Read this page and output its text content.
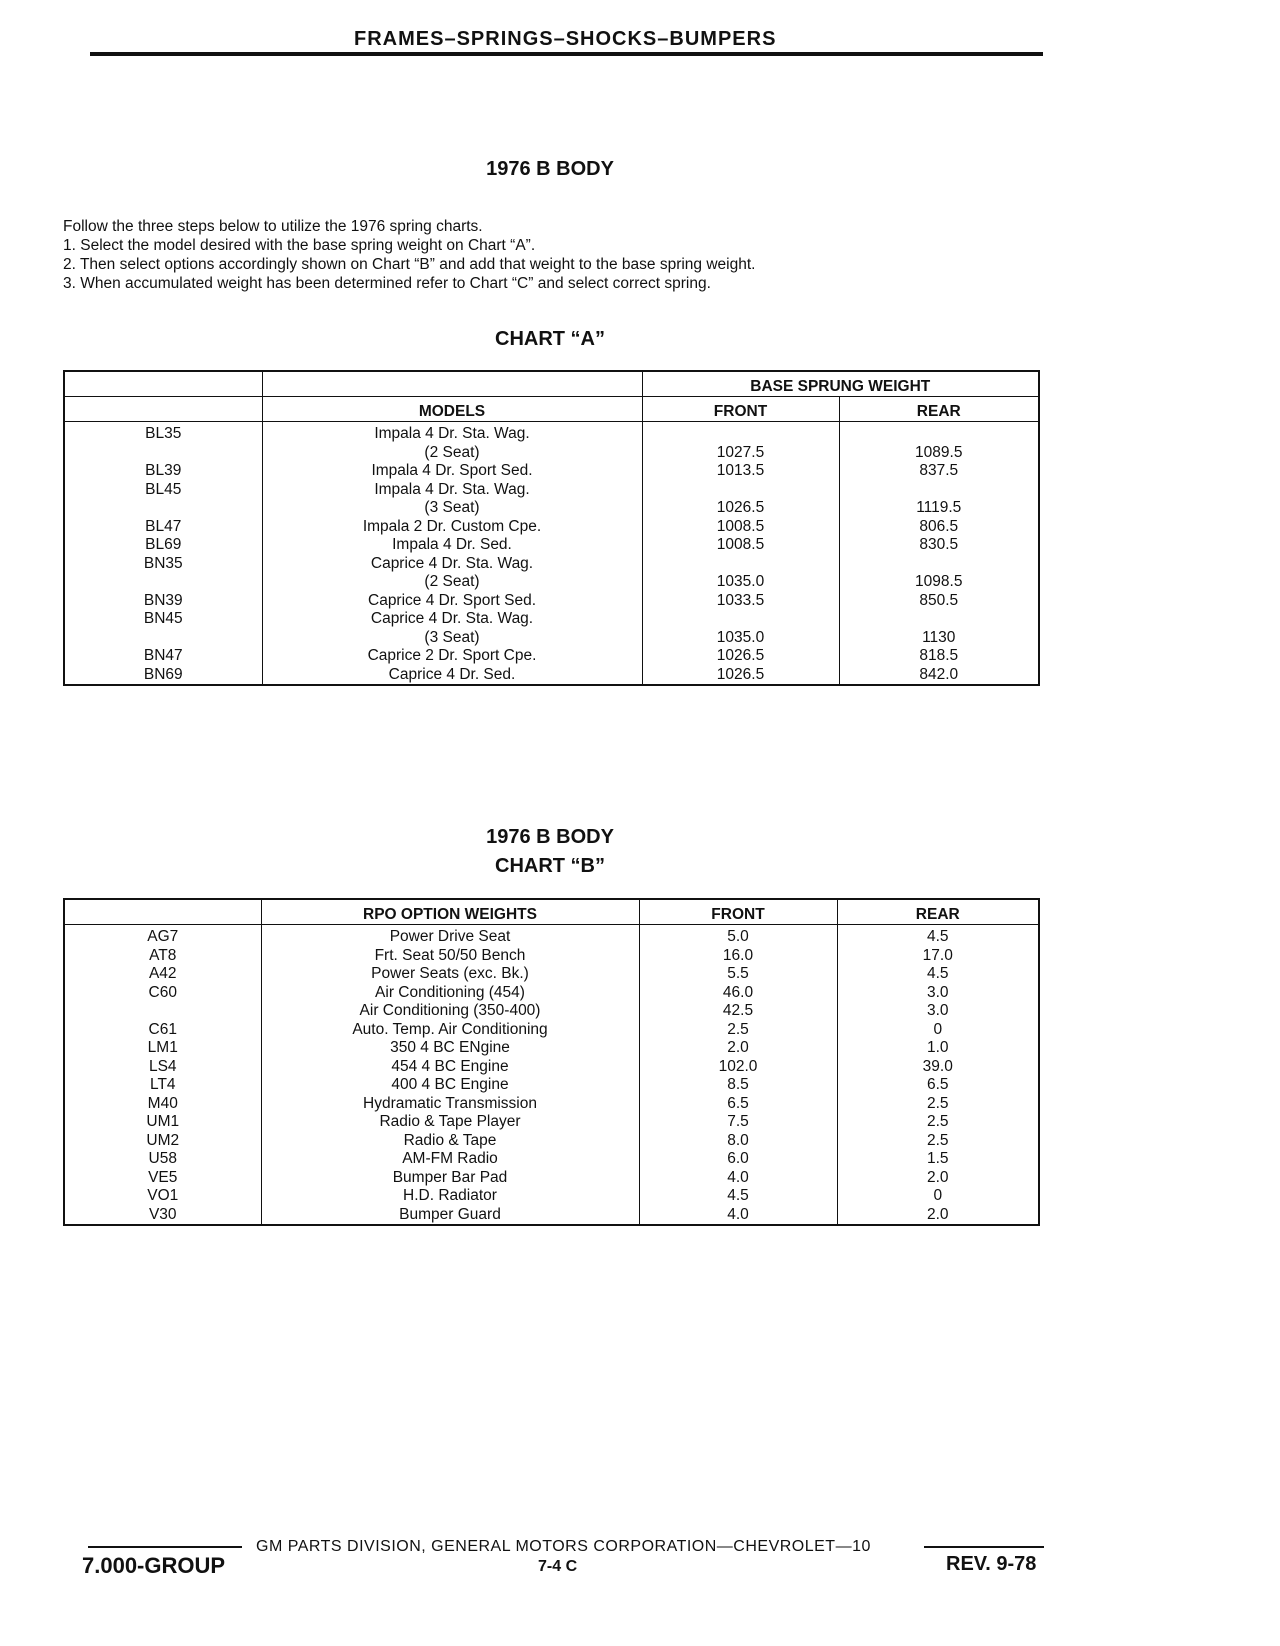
FRAMES–SPRINGS–SHOCKS–BUMPERS
1976 B BODY

Follow the three steps below to utilize the 1976 spring charts.

1. Select the model desired with the base spring weight on Chart “A”.

2. Then select options accordingly shown on Chart “B” and add that weight to the base spring weight.

3. When accumulated weight has been determined refer to Chart “C” and select correct spring.

CHART “A”
		BASE SPRUNG WEIGHT	
	MODELS	FRONT	REAR
BL35	Impala 4 Dr. Sta. Wag.		
	(2 Seat)	1027.5	1089.5
BL39	Impala 4 Dr. Sport Sed.	1013.5	837.5
BL45	Impala 4 Dr. Sta. Wag.		
	(3 Seat)	1026.5	1119.5
BL47	Impala 2 Dr. Custom Cpe.	1008.5	806.5
BL69	Impala 4 Dr. Sed.	1008.5	830.5
BN35	Caprice 4 Dr. Sta. Wag.		
	(2 Seat)	1035.0	1098.5
BN39	Caprice 4 Dr. Sport Sed.	1033.5	850.5
BN45	Caprice 4 Dr. Sta. Wag.		
	(3 Seat)	1035.0	1130
BN47	Caprice 2 Dr. Sport Cpe.	1026.5	818.5
BN69	Caprice 4 Dr. Sed.	1026.5	842.0
1976 B BODY
CHART “B”
	RPO OPTION WEIGHTS	FRONT	REAR
AG7	Power Drive Seat	5.0	4.5
AT8	Frt. Seat 50/50 Bench	16.0	17.0
A42	Power Seats (exc. Bk.)	5.5	4.5
C60	Air Conditioning (454)	46.0	3.0
	Air Conditioning (350-400)	42.5	3.0
C61	Auto. Temp. Air Conditioning	2.5	0
LM1	350 4 BC ENgine	2.0	1.0
LS4	454 4 BC Engine	102.0	39.0
LT4	400 4 BC Engine	8.5	6.5
M40	Hydramatic Transmission	6.5	2.5
UM1	Radio & Tape Player	7.5	2.5
UM2	Radio & Tape	8.0	2.5
U58	AM-FM Radio	6.0	1.5
VE5	Bumper Bar Pad	4.0	2.0
VO1	H.D. Radiator	4.5	0
V30	Bumper Guard	4.0	2.0
GM PARTS DIVISION, GENERAL MOTORS CORPORATION—CHEVROLET—10
7.000-GROUP	7-4 C	REV. 9-78
